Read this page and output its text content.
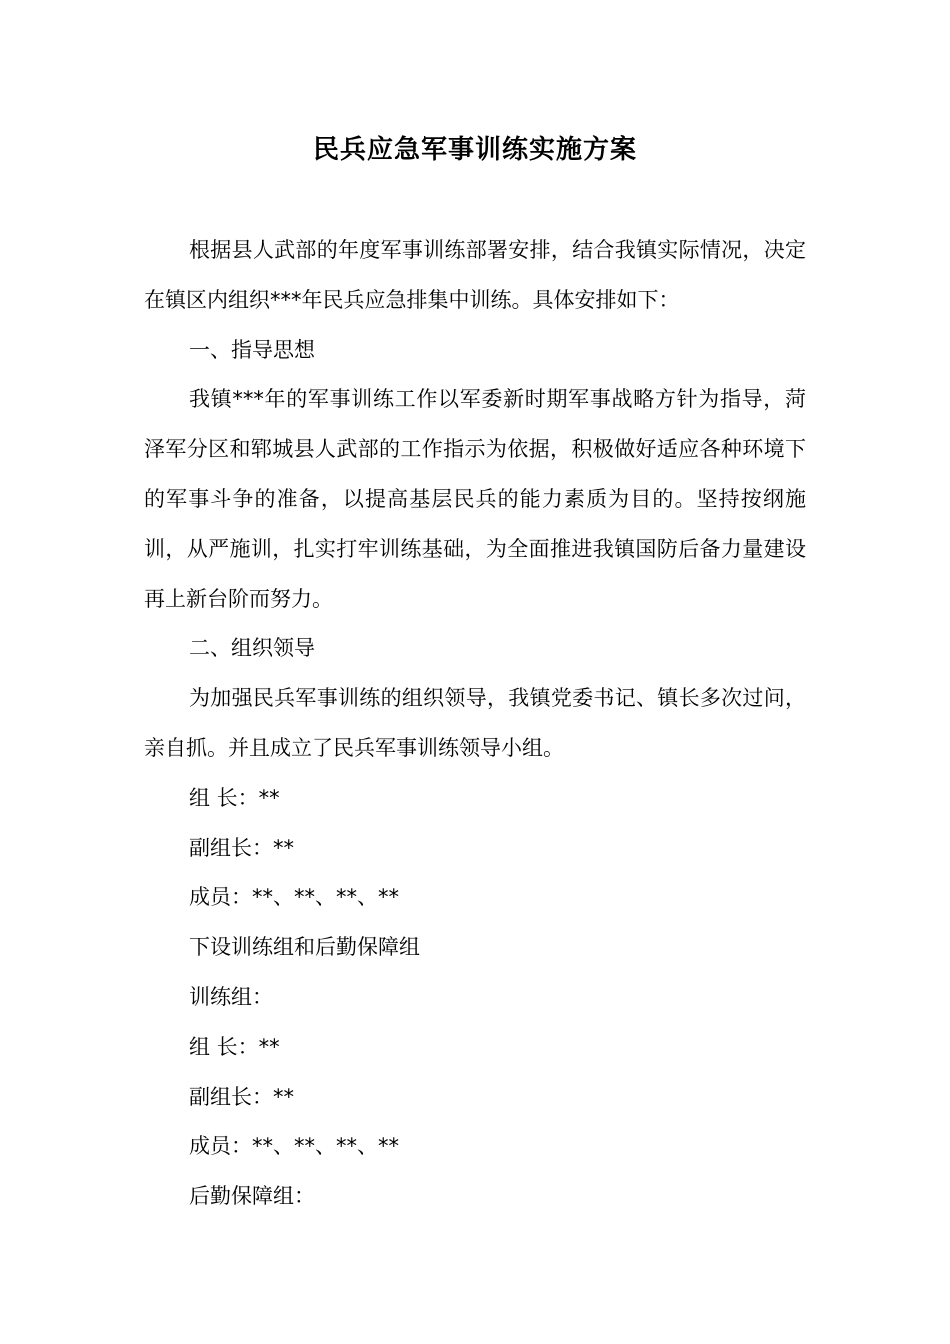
民兵应急军事训练实施方案

根据县人武部的年度军事训练部署安排，结合我镇实际情况，决定在镇区内组织***年民兵应急排集中训练。具体安排如下：

一、指导思想

我镇***年的军事训练工作以军委新时期军事战略方针为指导，菏泽军分区和郓城县人武部的工作指示为依据，积极做好适应各种环境下的军事斗争的准备，以提高基层民兵的能力素质为目的。坚持按纲施训，从严施训，扎实打牢训练基础，为全面推进我镇国防后备力量建设再上新台阶而努力。

二、组织领导

为加强民兵军事训练的组织领导，我镇党委书记、镇长多次过问，亲自抓。并且成立了民兵军事训练领导小组。

组 长：**

副组长：**

成员：**、**、**、**

下设训练组和后勤保障组

训练组：

组 长：**

副组长：**

成员：**、**、**、**

后勤保障组：
